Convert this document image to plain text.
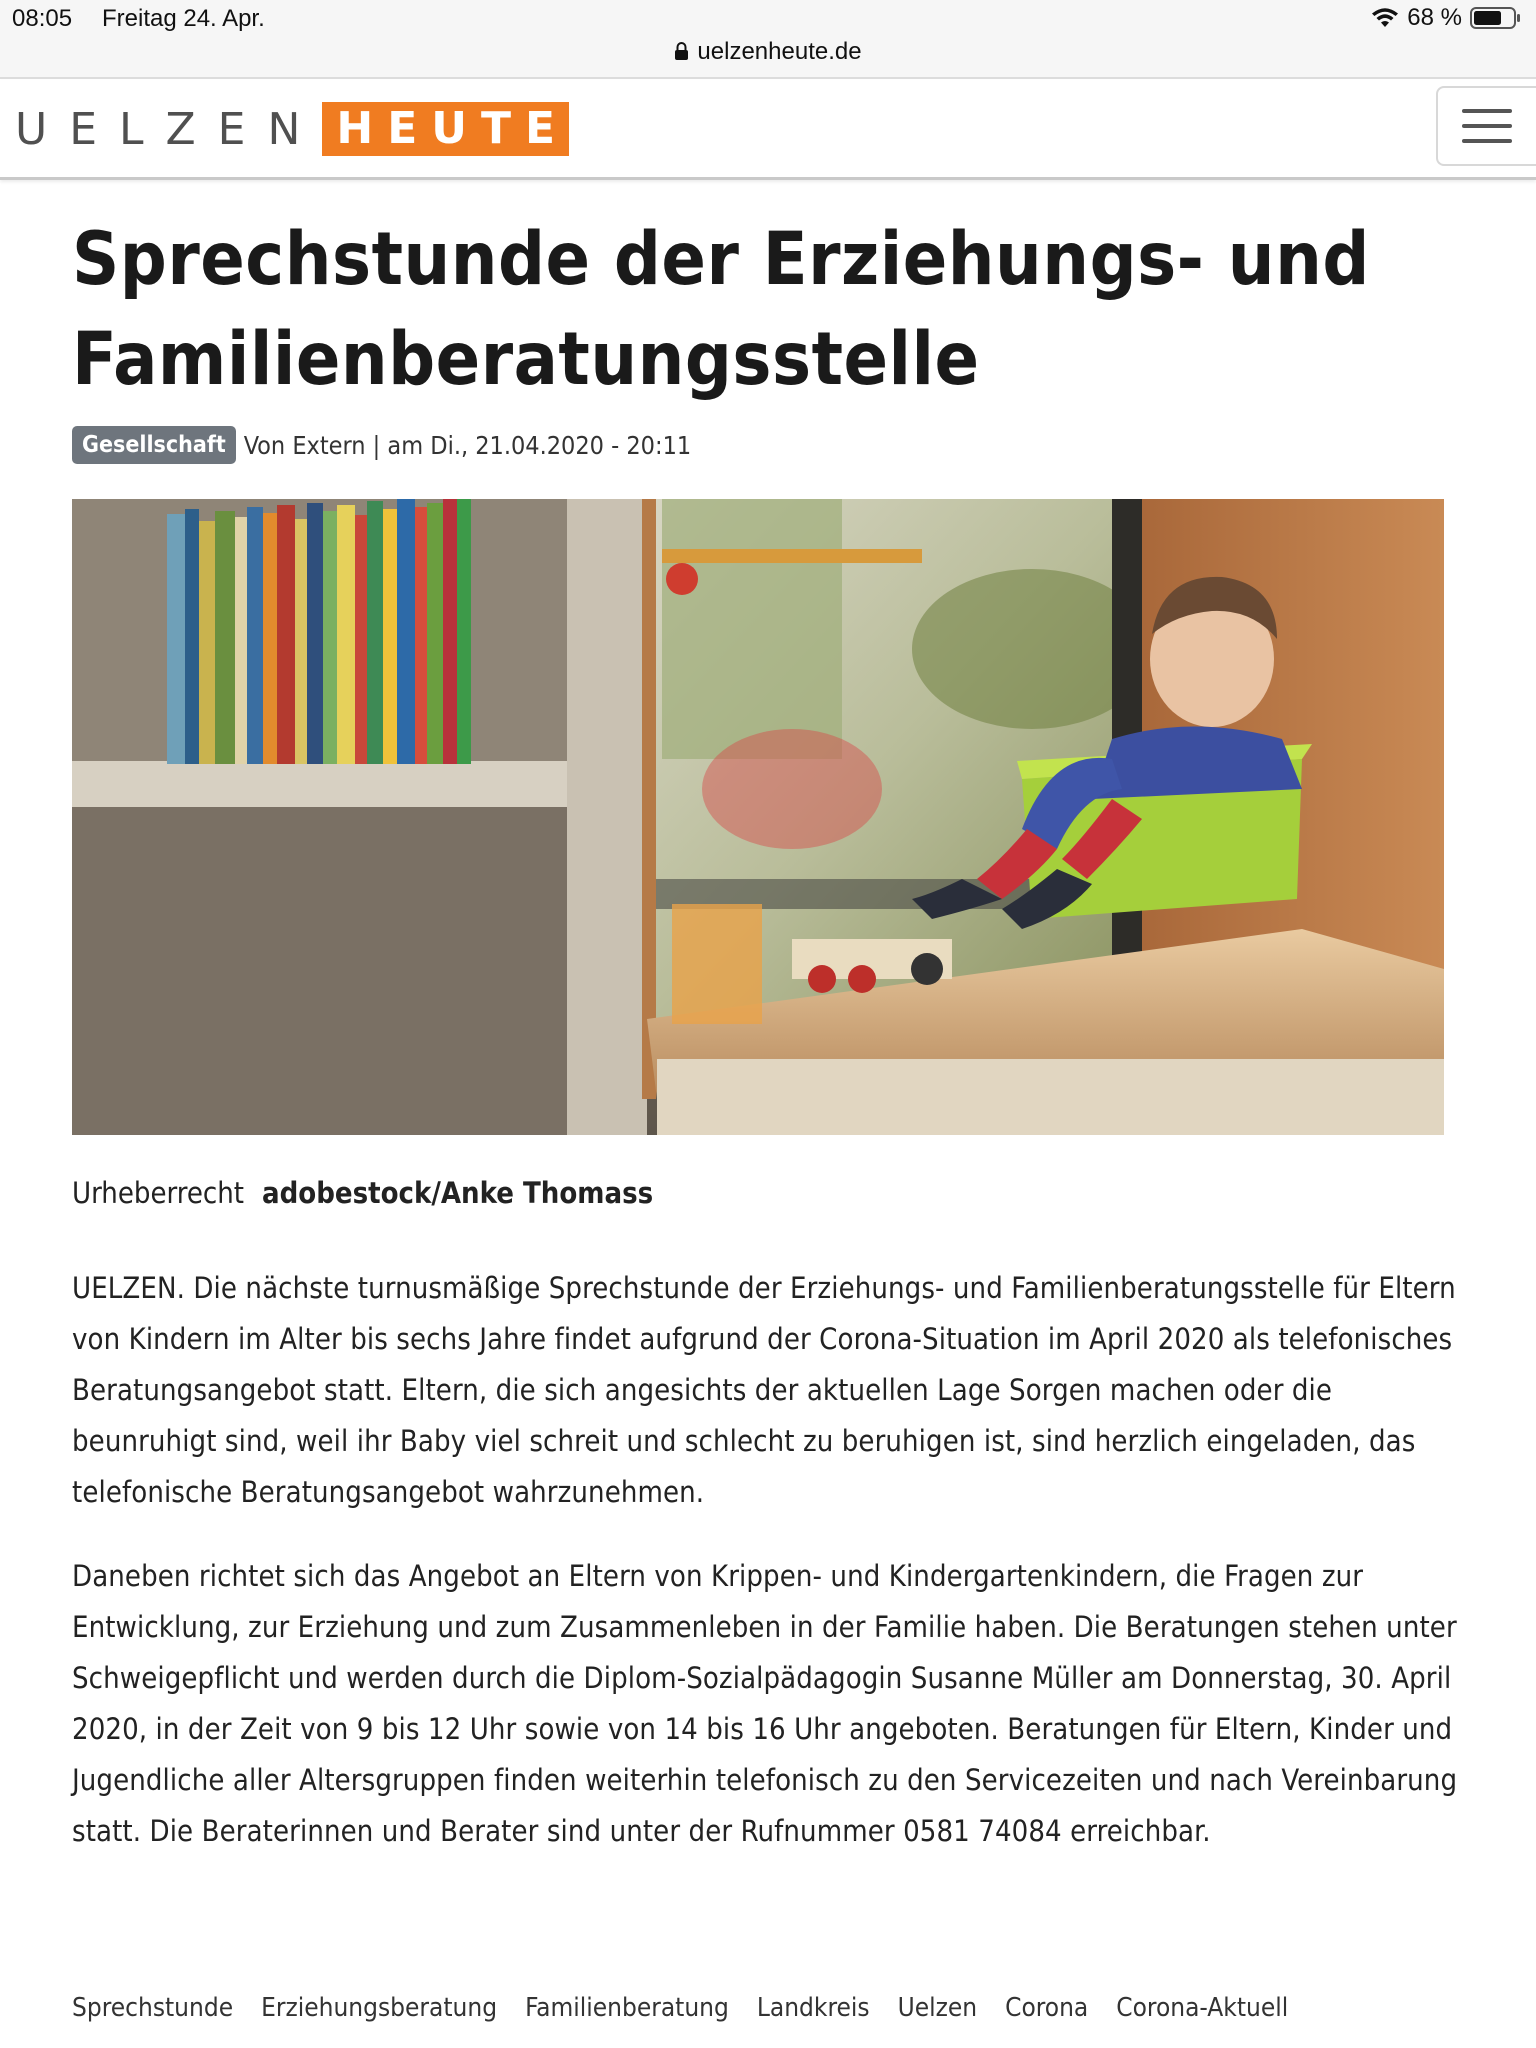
08:05 Freitag 24. Apr.	68 %
uelzenheute.de
UELZEN HEUTE
Sprechstunde der Erziehungs- und
Familienberatungsstelle
Gesellschaft Von Extern | am Di., 21.04.2020 - 20:11
Urheberrecht adobestock/Anke Thomass

UELZEN. Die nächste turnusmäßige Sprechstunde der Erziehungs- und Familienberatungsstelle für Eltern von Kindern im Alter bis sechs Jahre findet aufgrund der Corona-Situation im April 2020 als telefonisches Beratungsangebot statt. Eltern, die sich angesichts der aktuellen Lage Sorgen machen oder die beunruhigt sind, weil ihr Baby viel schreit und schlecht zu beruhigen ist, sind herzlich eingeladen, das telefonische Beratungsangebot wahrzunehmen.

Daneben richtet sich das Angebot an Eltern von Krippen- und Kindergartenkindern, die Fragen zur Entwicklung, zur Erziehung und zum Zusammenleben in der Familie haben. Die Beratungen stehen unter Schweigepflicht und werden durch die Diplom-Sozialpädagogin Susanne Müller am Donnerstag, 30. April 2020, in der Zeit von 9 bis 12 Uhr sowie von 14 bis 16 Uhr angeboten. Beratungen für Eltern, Kinder und Jugendliche aller Altersgruppen finden weiterhin telefonisch zu den Servicezeiten und nach Vereinbarung statt. Die Beraterinnen und Berater sind unter der Rufnummer 0581 74084 erreichbar.

Sprechstunde Erziehungsberatung Familienberatung Landkreis Uelzen Corona Corona-Aktuell
